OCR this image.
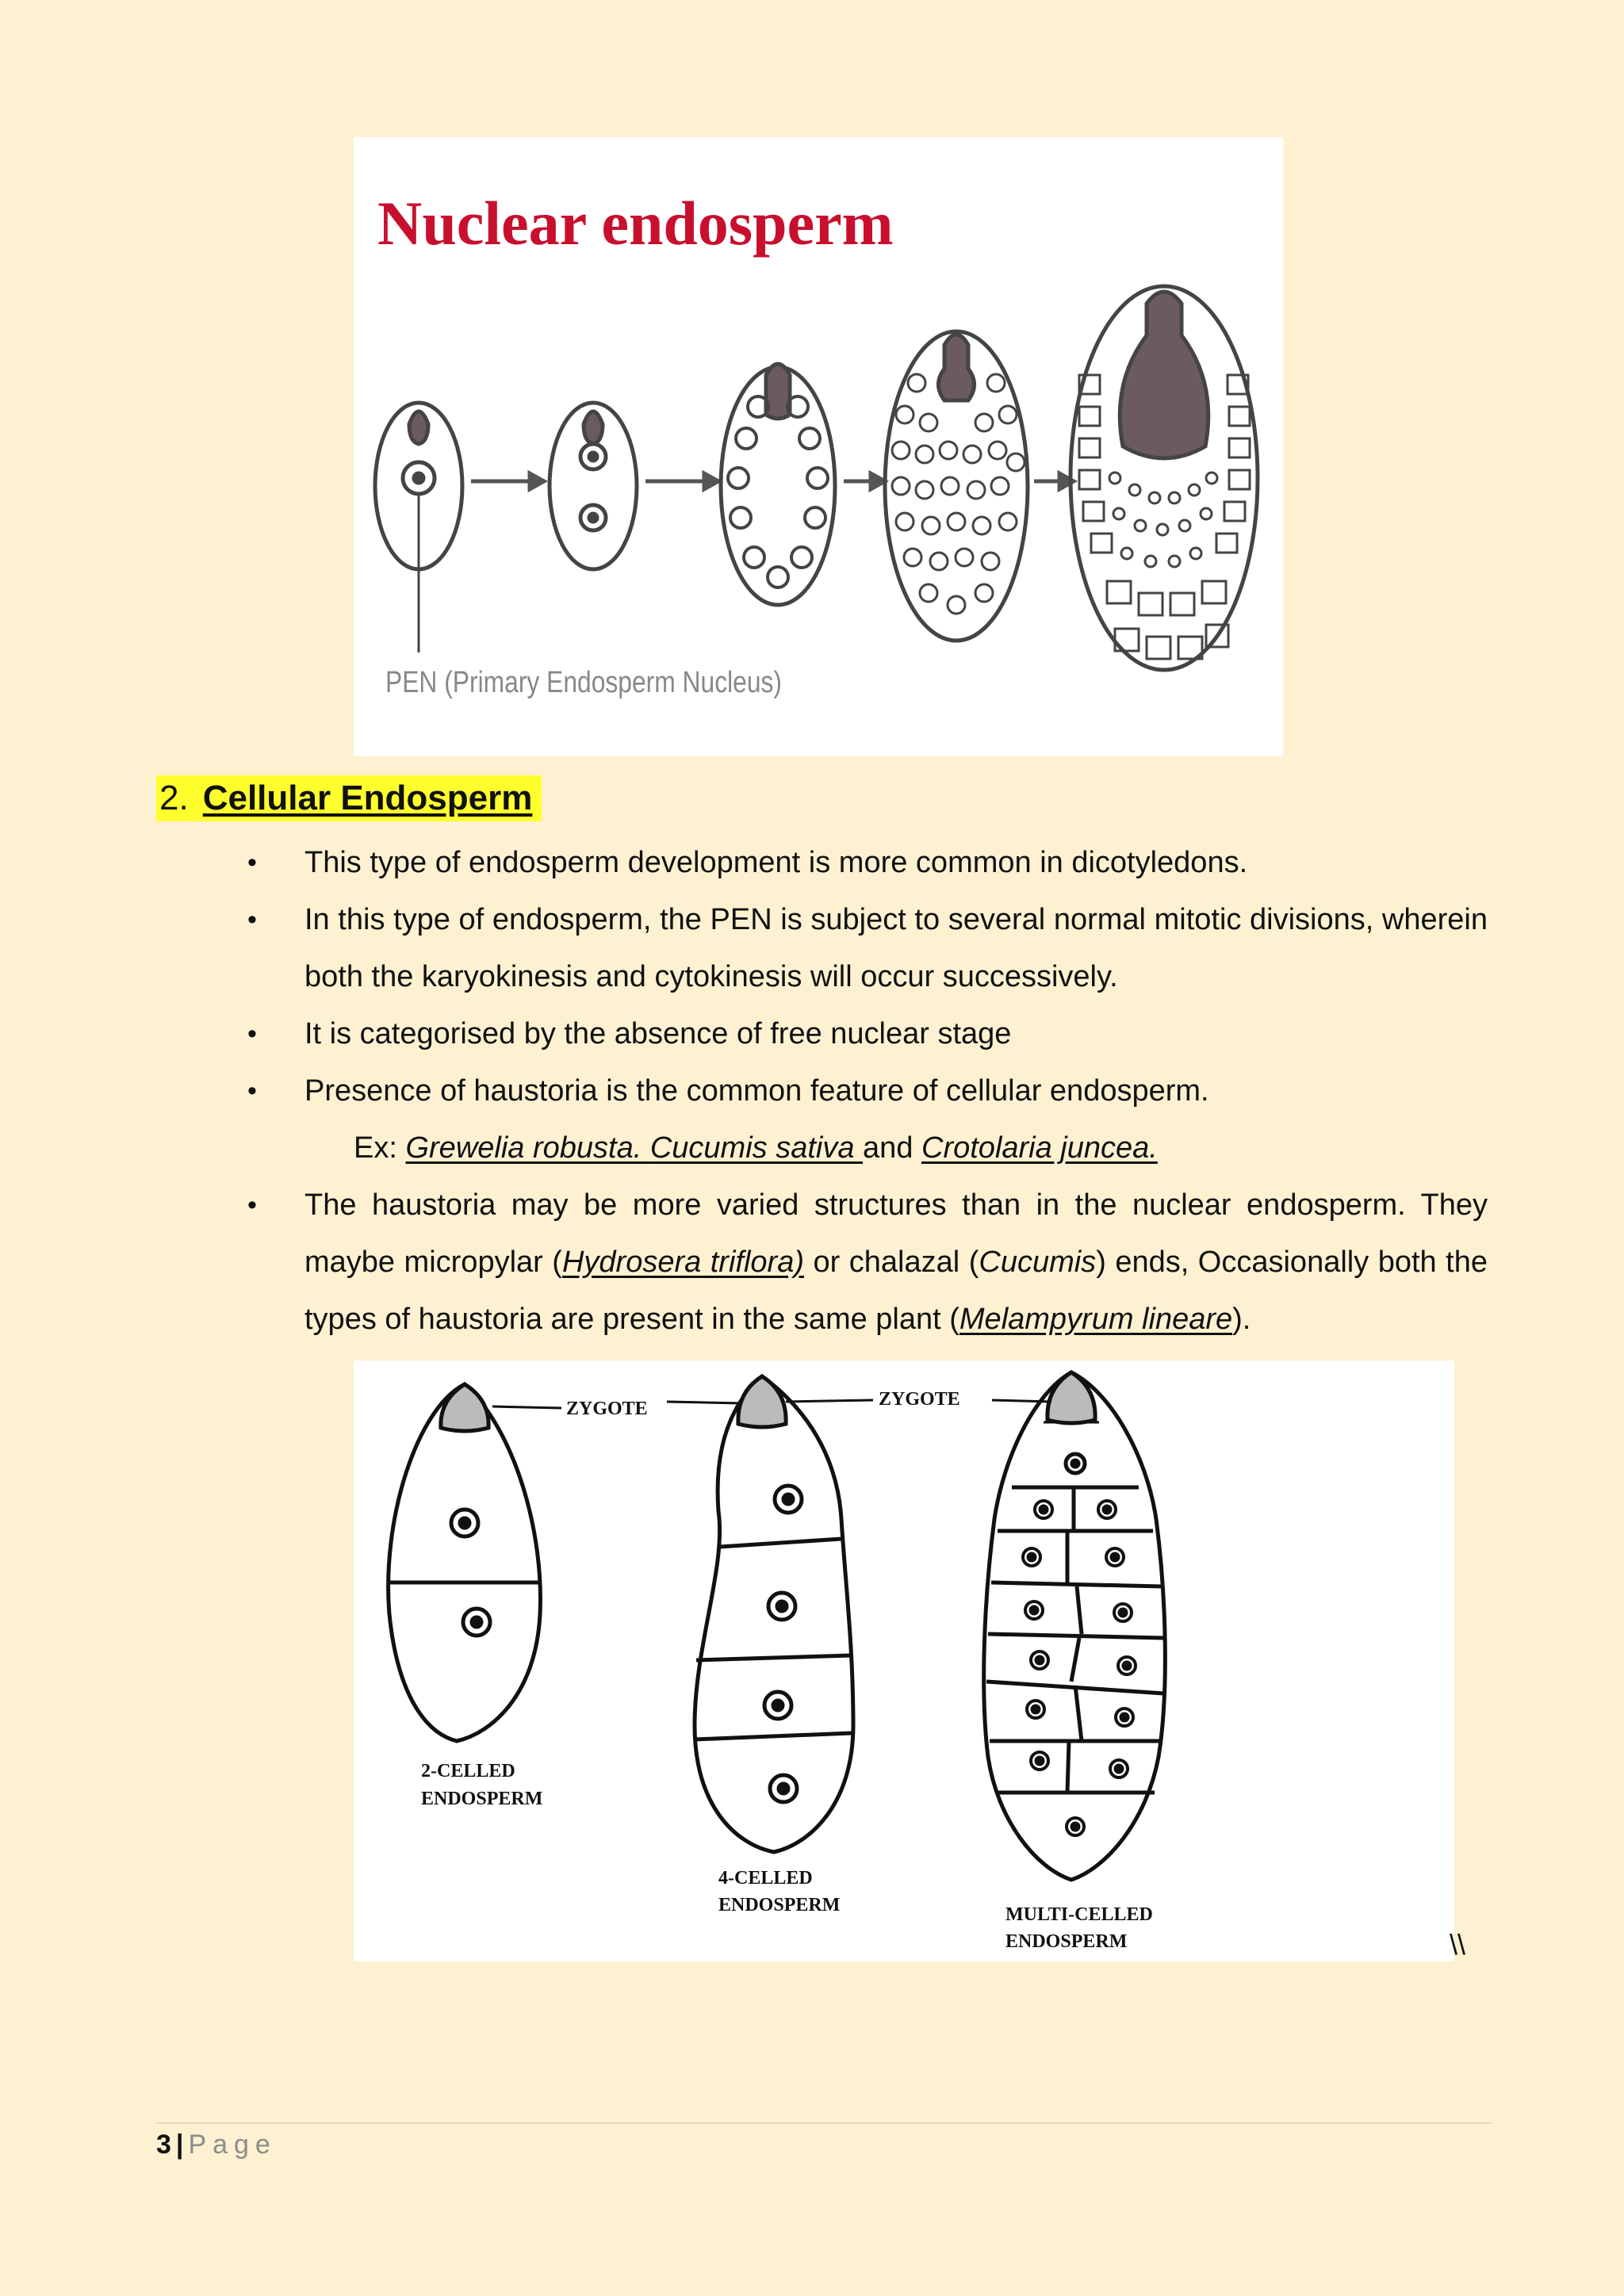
Nuclear endosperm
PEN (Primary Endosperm Nucleus)
2. Cellular Endosperm
• This type of endosperm development is more common in dicotyledons.
• In this type of endosperm, the PEN is subject to several normal mitotic divisions, wherein both the karyokinesis and cytokinesis will occur successively.
• It is categorised by the absence of free nuclear stage
• Presence of haustoria is the common feature of cellular endosperm.
Ex: Grewelia robusta. Cucumis sativa and Crotolaria juncea.
• The haustoria may be more varied structures than in the nuclear endosperm. They maybe micropylar (Hydrosera triflora) or chalazal (Cucumis) ends, Occasionally both the types of haustoria are present in the same plant (Melampyrum lineare).
ZYGOTE	ZYGOTE
2-CELLED
ENDOSPERM
4-CELLED
ENDOSPERM	MULTI-CELLED
ENDOSPERM	\\
3 | Page
